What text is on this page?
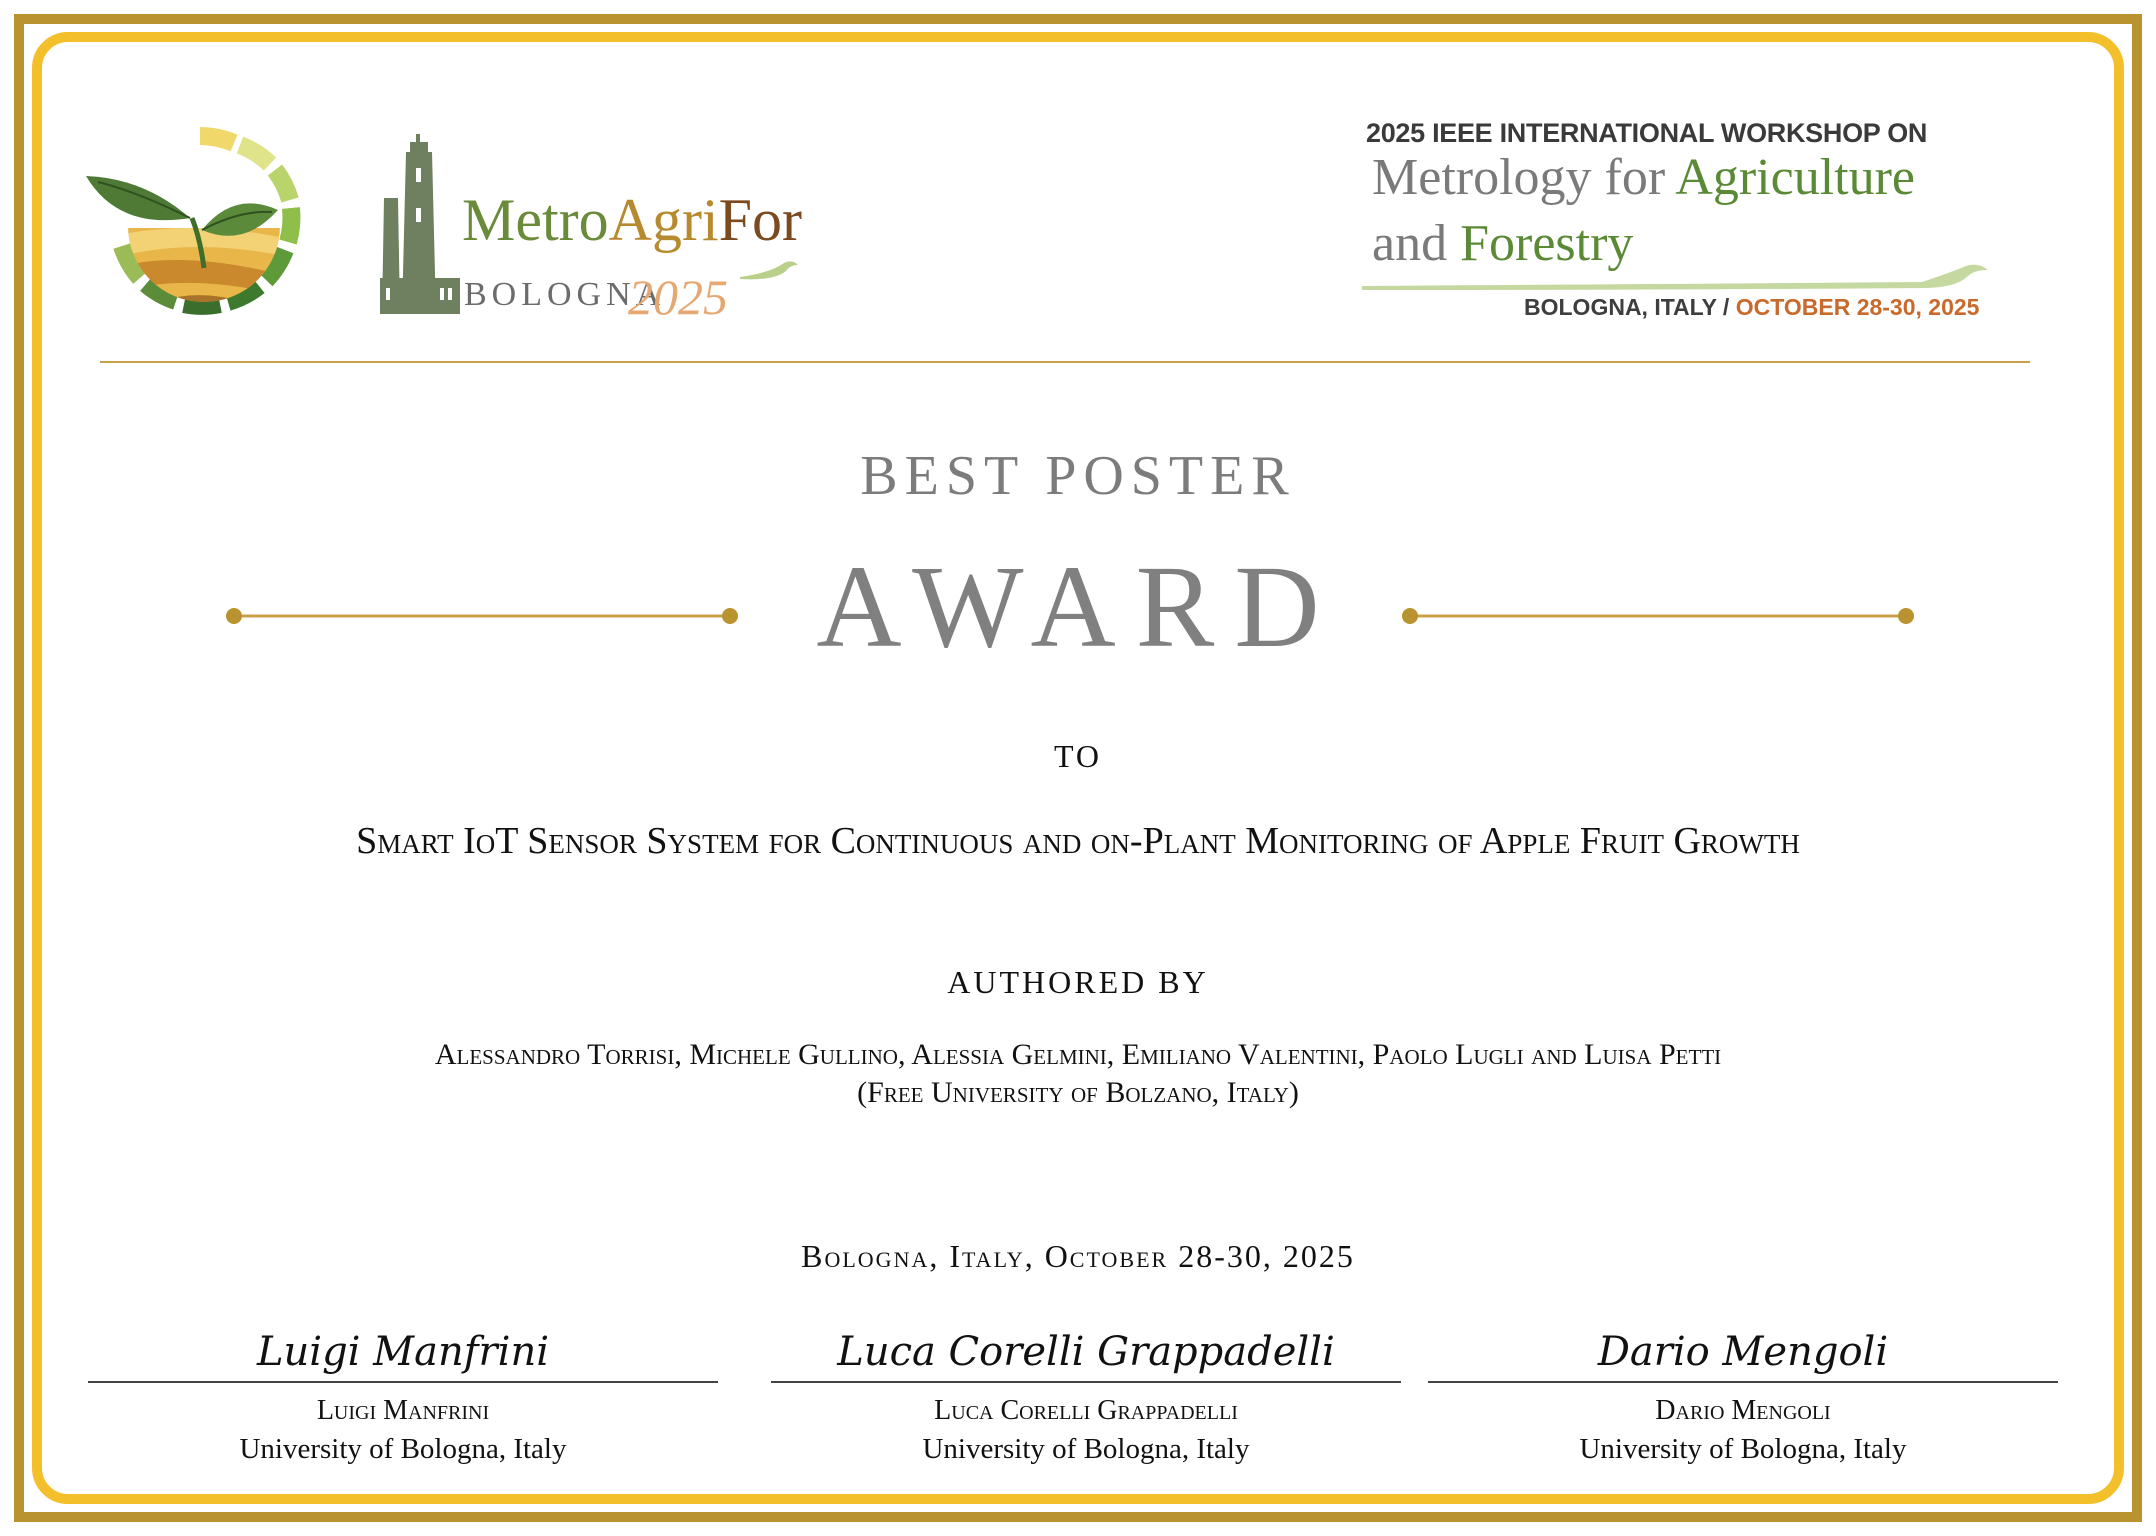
MetroAgriFor
BOLOGNA
2025
2025 IEEE INTERNATIONAL WORKSHOP ON
Metrology for Agriculture
and Forestry
BOLOGNA, ITALY / OCTOBER 28-30, 2025
BEST POSTER
AWARD
TO
Smart IoT Sensor System for Continuous and on-Plant Monitoring of Apple Fruit Growth
AUTHORED BY
Alessandro Torrisi, Michele Gullino, Alessia Gelmini, Emiliano Valentini, Paolo Lugli and Luisa Petti
(Free University of Bolzano, Italy)
Bologna, Italy, October 28-30, 2025
Luigi Manfrini
Luigi Manfrini
University of Bologna, Italy
Luca Corelli Grappadelli
Luca Corelli Grappadelli
University of Bologna, Italy
Dario Mengoli
Dario Mengoli
University of Bologna, Italy
